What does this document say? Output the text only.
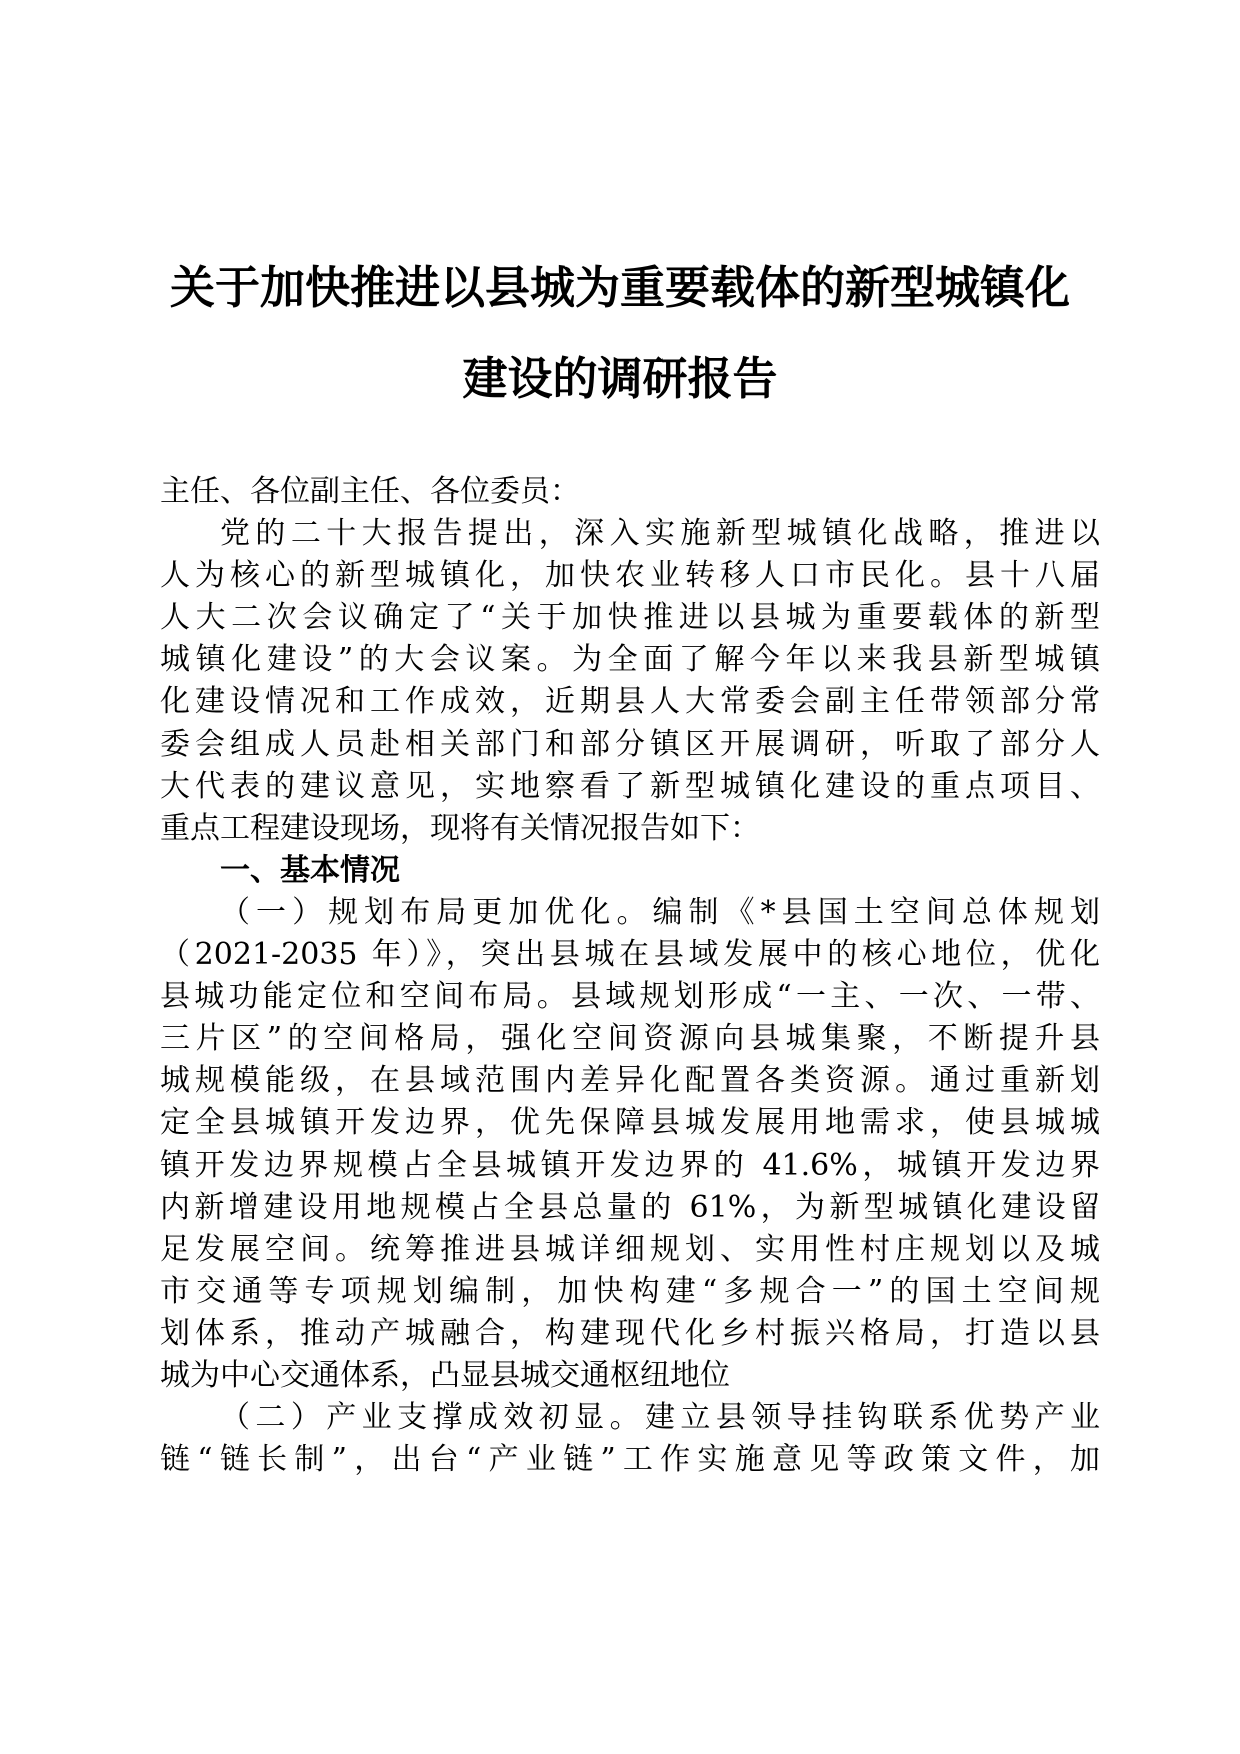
关于加快推进以县城为重要载体的新型城镇化
建设的调研报告
主任、各位副主任、各位委员：
党的二十大报告提出，深入实施新型城镇化战略，推进以
人为核心的新型城镇化，加快农业转移人口市民化。县十八届
人大二次会议确定了“关于加快推进以县城为重要载体的新型
城镇化建设”的大会议案。为全面了解今年以来我县新型城镇
化建设情况和工作成效，近期县人大常委会副主任带领部分常
委会组成人员赴相关部门和部分镇区开展调研，听取了部分人
大代表的建议意见，实地察看了新型城镇化建设的重点项目、
重点工程建设现场，现将有关情况报告如下：
一、基本情况
（一）规划布局更加优化。编制《*县国土空间总体规划
（2021-2035 年）》，突出县城在县域发展中的核心地位，优化
县城功能定位和空间布局。县域规划形成“一主、一次、一带、
三片区”的空间格局，强化空间资源向县城集聚，不断提升县
城规模能级，在县域范围内差异化配置各类资源。通过重新划
定全县城镇开发边界，优先保障县城发展用地需求，使县城城
镇开发边界规模占全县城镇开发边界的 41.6%，城镇开发边界
内新增建设用地规模占全县总量的 61%，为新型城镇化建设留
足发展空间。统筹推进县城详细规划、实用性村庄规划以及城
市交通等专项规划编制，加快构建“多规合一”的国土空间规
划体系，推动产城融合，构建现代化乡村振兴格局，打造以县
城为中心交通体系，凸显县城交通枢纽地位
（二）产业支撑成效初显。建立县领导挂钩联系优势产业
链“链长制”，出台“产业链”工作实施意见等政策文件，加
